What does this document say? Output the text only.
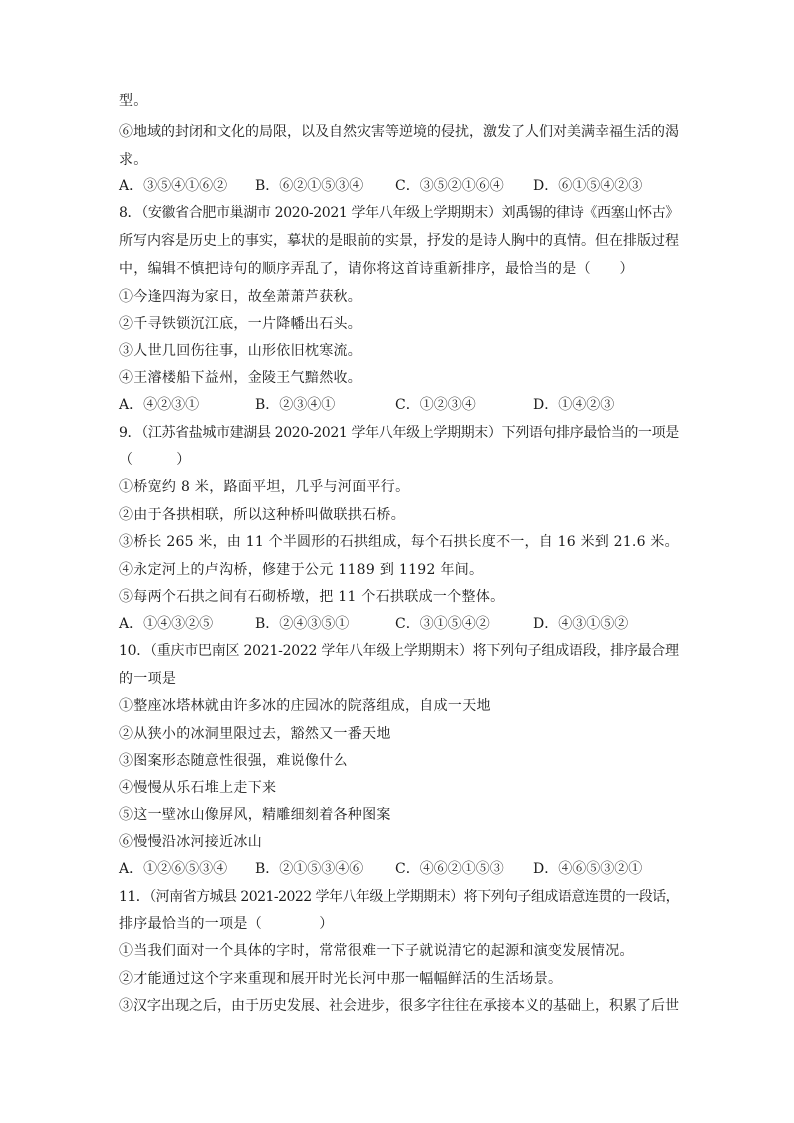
型。
⑥地域的封闭和文化的局限，以及自然灾害等逆境的侵扰，激发了人们对美满幸福生活的渴
求。
A．③⑤④①⑥② B．⑥②①⑤③④ C．③⑤②①⑥④ D．⑥①⑤④②③
8．（安徽省合肥市巢湖市 2020-2021 学年八年级上学期期末）刘禹锡的律诗《西塞山怀古》
所写内容是历史上的事实，摹状的是眼前的实景，抒发的是诗人胸中的真情。但在排版过程
中，编辑不慎把诗句的顺序弄乱了，请你将这首诗重新排序，最恰当的是（　　）
①今逢四海为家日，故垒萧萧芦获秋。
②千寻铁锁沉江底，一片降幡出石头。
③人世几回伤往事，山形依旧枕寒流。
④王濬楼船下益州，金陵王气黯然收。
A．④②③①	B．②③④①	C．①②③④	D．①④②③
9．（江苏省盐城市建湖县 2020-2021 学年八年级上学期期末）下列语句排序最恰当的一项是
（　　　）
①桥宽约 8 米，路面平坦，几乎与河面平行。
②由于各拱相联，所以这种桥叫做联拱石桥。
③桥长 265 米，由 11 个半圆形的石拱组成，每个石拱长度不一，自 16 米到 21.6 米。
④永定河上的卢沟桥，修建于公元 1189 到 1192 年间。
⑤每两个石拱之间有石砌桥墩，把 11 个石拱联成一个整体。
A．①④③②⑤	B．②④③⑤①	C．③①⑤④②	D．④③①⑤②
10．（重庆市巴南区 2021-2022 学年八年级上学期期末）将下列句子组成语段，排序最合理
的一项是
①整座冰塔林就由许多冰的庄园冰的院落组成，自成一天地
②从狭小的冰洞里限过去，豁然又一番天地
③图案形态随意性很强，难说像什么
④慢慢从乐石堆上走下来
⑤这一壁冰山像屏风，精雕细刻着各种图案
⑥慢慢沿冰河接近冰山
A．①②⑥⑤③④ B．②①⑤③④⑥ C．④⑥②①⑤③ D．④⑥⑤③②①
11．（河南省方城县 2021-2022 学年八年级上学期期末）将下列句子组成语意连贯的一段话，
排序最恰当的一项是（　　　　）
①当我们面对一个具体的字时，常常很难一下子就说清它的起源和演变发展情况。
②才能通过这个字来重现和展开时光长河中那一幅幅鲜活的生活场景。
③汉字出现之后，由于历史发展、社会进步，很多字往往在承接本义的基础上，积累了后世
